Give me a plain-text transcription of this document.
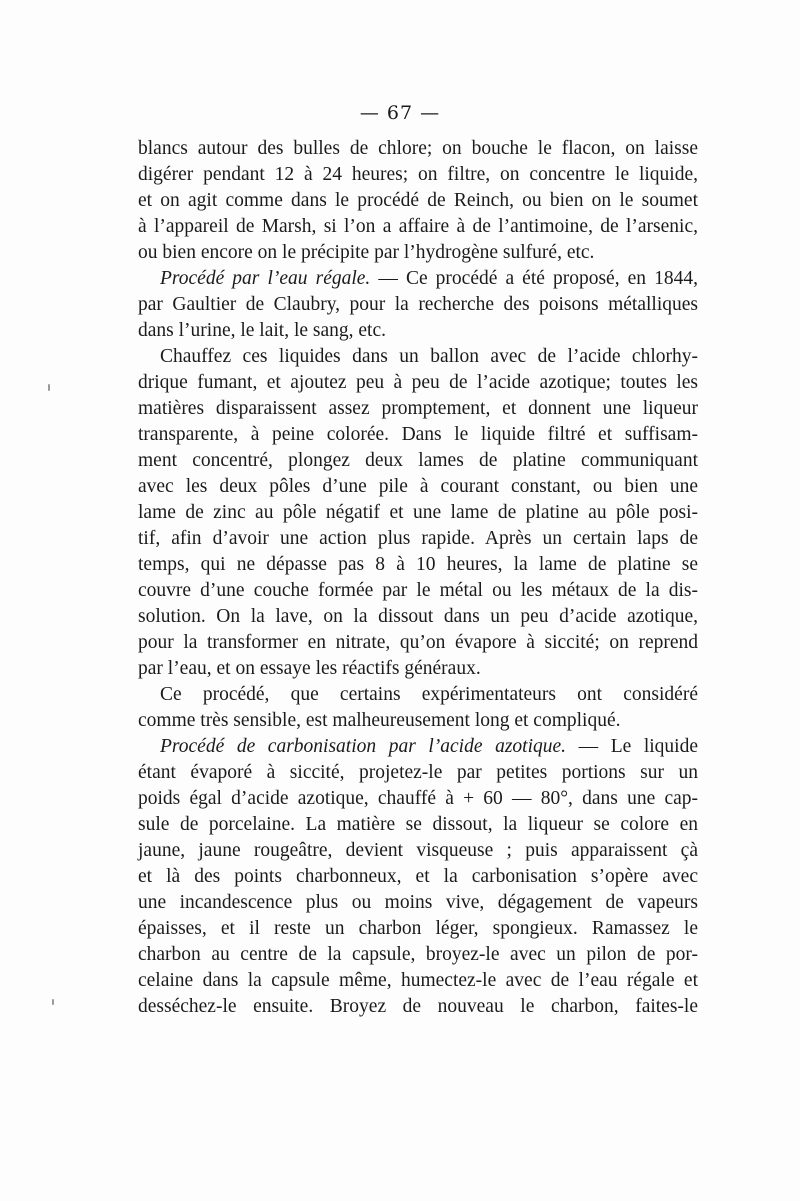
— 67 —
blancs autour des bulles de chlore; on bouche le flacon, on laisse
digérer pendant 12 à 24 heures; on filtre, on concentre le liquide,
et on agit comme dans le procédé de Reinch, ou bien on le soumet
à l’appareil de Marsh, si l’on a affaire à de l’antimoine, de l’arsenic,
ou bien encore on le précipite par l’hydrogène sulfuré, etc.
Procédé par l’eau régale. — Ce procédé a été proposé, en 1844,
par Gaultier de Claubry, pour la recherche des poisons métalliques
dans l’urine, le lait, le sang, etc.
Chauffez ces liquides dans un ballon avec de l’acide chlorhy-
drique fumant, et ajoutez peu à peu de l’acide azotique; toutes les
matières disparaissent assez promptement, et donnent une liqueur
transparente, à peine colorée. Dans le liquide filtré et suffisam-
ment concentré, plongez deux lames de platine communiquant
avec les deux pôles d’une pile à courant constant, ou bien une
lame de zinc au pôle négatif et une lame de platine au pôle posi-
tif, afin d’avoir une action plus rapide. Après un certain laps de
temps, qui ne dépasse pas 8 à 10 heures, la lame de platine se
couvre d’une couche formée par le métal ou les métaux de la dis-
solution. On la lave, on la dissout dans un peu d’acide azotique,
pour la transformer en nitrate, qu’on évapore à siccité; on reprend
par l’eau, et on essaye les réactifs généraux.
Ce procédé, que certains expérimentateurs ont considéré
comme très sensible, est malheureusement long et compliqué.
Procédé de carbonisation par l’acide azotique. — Le liquide
étant évaporé à siccité, projetez-le par petites portions sur un
poids égal d’acide azotique, chauffé à + 60 — 80°, dans une cap-
sule de porcelaine. La matière se dissout, la liqueur se colore en
jaune, jaune rougeâtre, devient visqueuse ; puis apparaissent çà
et là des points charbonneux, et la carbonisation s’opère avec
une incandescence plus ou moins vive, dégagement de vapeurs
épaisses, et il reste un charbon léger, spongieux. Ramassez le
charbon au centre de la capsule, broyez-le avec un pilon de por-
celaine dans la capsule même, humectez-le avec de l’eau régale et
desséchez-le ensuite. Broyez de nouveau le charbon, faites-le
